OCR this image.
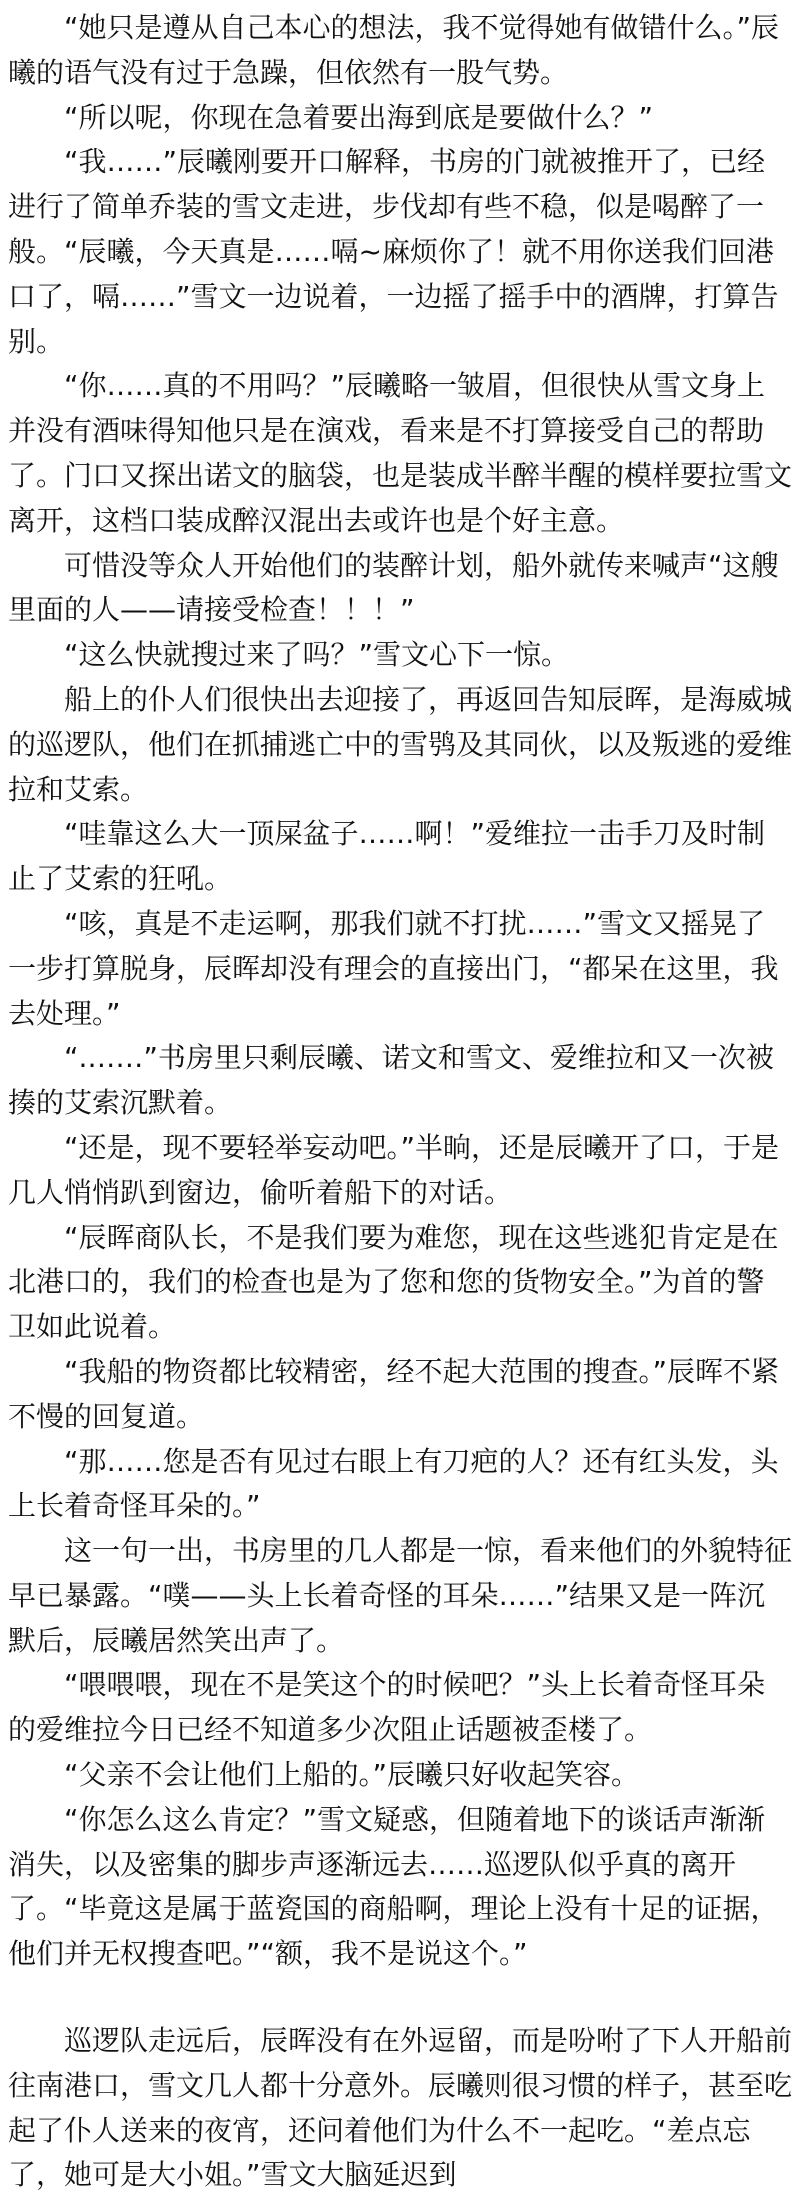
“她只是遵从自己本心的想法，我不觉得她有做错什么。”辰曦的语气没有过于急躁，但依然有一股气势。

“所以呢，你现在急着要出海到底是要做什么？”

“我……”辰曦刚要开口解释，书房的门就被推开了，已经进行了简单乔装的雪文走进，步伐却有些不稳，似是喝醉了一般。“辰曦，今天真是……嗝~麻烦你了！就不用你送我们回港口了，嗝……”雪文一边说着，一边摇了摇手中的酒牌，打算告别。

“你……真的不用吗？”辰曦略一皱眉，但很快从雪文身上并没有酒味得知他只是在演戏，看来是不打算接受自己的帮助了。门口又探出诺文的脑袋，也是装成半醉半醒的模样要拉雪文离开，这档口装成醉汉混出去或许也是个好主意。

可惜没等众人开始他们的装醉计划，船外就传来喊声“这艘里面的人——请接受检查！！！”

“这么快就搜过来了吗？”雪文心下一惊。

船上的仆人们很快出去迎接了，再返回告知辰晖，是海威城的巡逻队，他们在抓捕逃亡中的雪鸮及其同伙，以及叛逃的爱维拉和艾索。

“哇靠这么大一顶屎盆子……啊！”爱维拉一击手刀及时制止了艾索的狂吼。

“咳，真是不走运啊，那我们就不打扰……”雪文又摇晃了一步打算脱身，辰晖却没有理会的直接出门，“都呆在这里，我去处理。”

“.……”书房里只剩辰曦、诺文和雪文、爱维拉和又一次被揍的艾索沉默着。

“还是，现不要轻举妄动吧。”半晌，还是辰曦开了口，于是几人悄悄趴到窗边，偷听着船下的对话。

“辰晖商队长，不是我们要为难您，现在这些逃犯肯定是在北港口的，我们的检查也是为了您和您的货物安全。”为首的警卫如此说着。

“我船的物资都比较精密，经不起大范围的搜查。”辰晖不紧不慢的回复道。

“那……您是否有见过右眼上有刀疤的人？还有红头发，头上长着奇怪耳朵的。”

这一句一出，书房里的几人都是一惊，看来他们的外貌特征早已暴露。“噗——头上长着奇怪的耳朵……”结果又是一阵沉默后，辰曦居然笑出声了。

“喂喂喂，现在不是笑这个的时候吧？”头上长着奇怪耳朵的爱维拉今日已经不知道多少次阻止话题被歪楼了。

“父亲不会让他们上船的。”辰曦只好收起笑容。

“你怎么这么肯定？”雪文疑惑，但随着地下的谈话声渐渐消失，以及密集的脚步声逐渐远去……巡逻队似乎真的离开了。“毕竟这是属于蓝瓷国的商船啊，理论上没有十足的证据，他们并无权搜查吧。”“额，我不是说这个。”

巡逻队走远后，辰晖没有在外逗留，而是吩咐了下人开船前往南港口，雪文几人都十分意外。辰曦则很习惯的样子，甚至吃起了仆人送来的夜宵，还问着他们为什么不一起吃。“差点忘了，她可是大小姐。”雪文大脑延迟到
